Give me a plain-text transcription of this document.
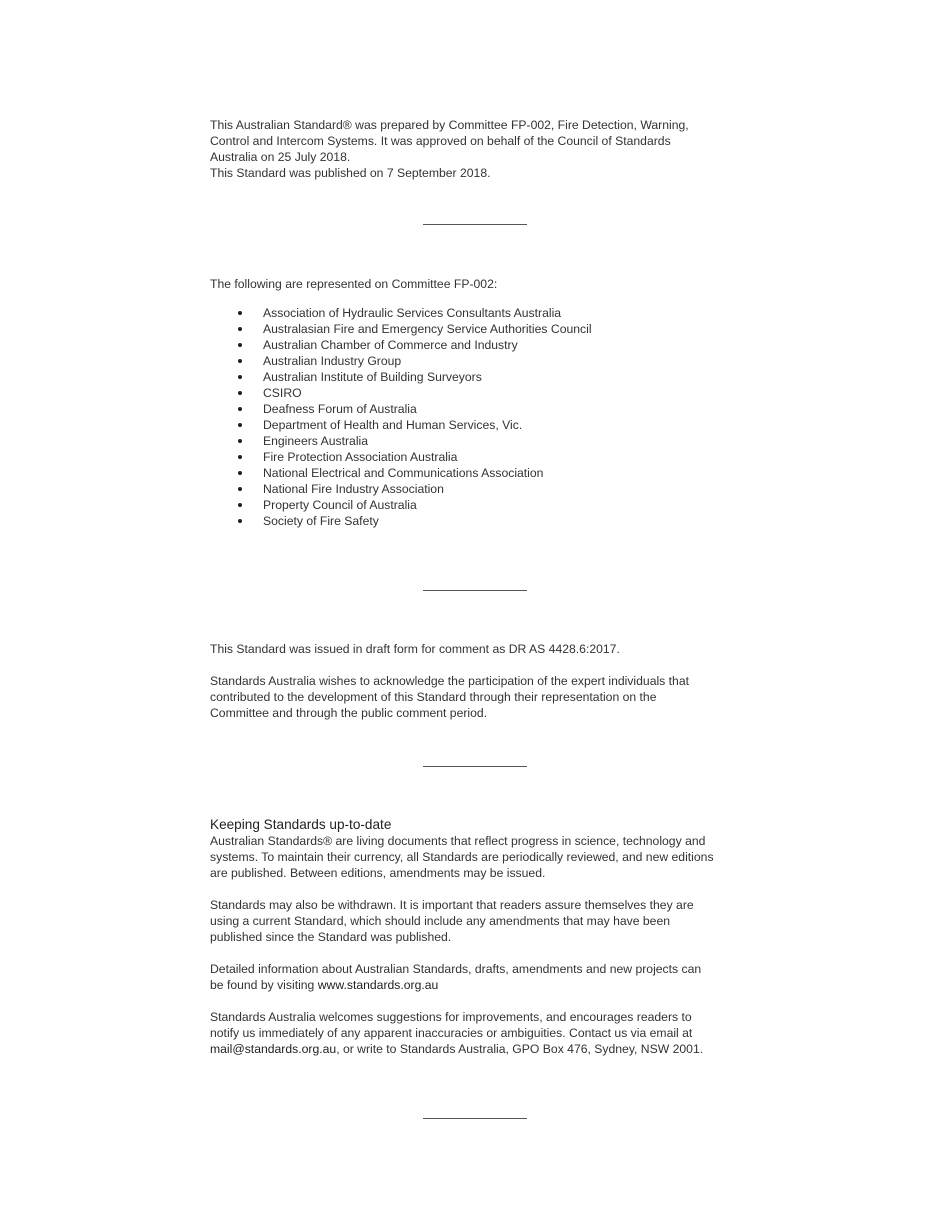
This Australian Standard® was prepared by Committee FP-002, Fire Detection, Warning,

Control and Intercom Systems. It was approved on behalf of the Council of Standards

Australia on 25 July 2018.

This Standard was published on 7 September 2018.

The following are represented on Committee FP-002:

Association of Hydraulic Services Consultants Australia
Australasian Fire and Emergency Service Authorities Council
Australian Chamber of Commerce and Industry
Australian Industry Group
Australian Institute of Building Surveyors
CSIRO
Deafness Forum of Australia
Department of Health and Human Services, Vic.
Engineers Australia
Fire Protection Association Australia
National Electrical and Communications Association
National Fire Industry Association
Property Council of Australia
Society of Fire Safety

This Standard was issued in draft form for comment as DR AS 4428.6:2017.

Standards Australia wishes to acknowledge the participation of the expert individuals that

contributed to the development of this Standard through their representation on the

Committee and through the public comment period.

Keeping Standards up-to-date

Australian Standards® are living documents that reflect progress in science, technology and

systems. To maintain their currency, all Standards are periodically reviewed, and new editions

are published. Between editions, amendments may be issued.

Standards may also be withdrawn. It is important that readers assure themselves they are

using a current Standard, which should include any amendments that may have been

published since the Standard was published.

Detailed information about Australian Standards, drafts, amendments and new projects can

be found by visiting www.standards.org.au

Standards Australia welcomes suggestions for improvements, and encourages readers to

notify us immediately of any apparent inaccuracies or ambiguities. Contact us via email at

mail@standards.org.au, or write to Standards Australia, GPO Box 476, Sydney, NSW 2001.
